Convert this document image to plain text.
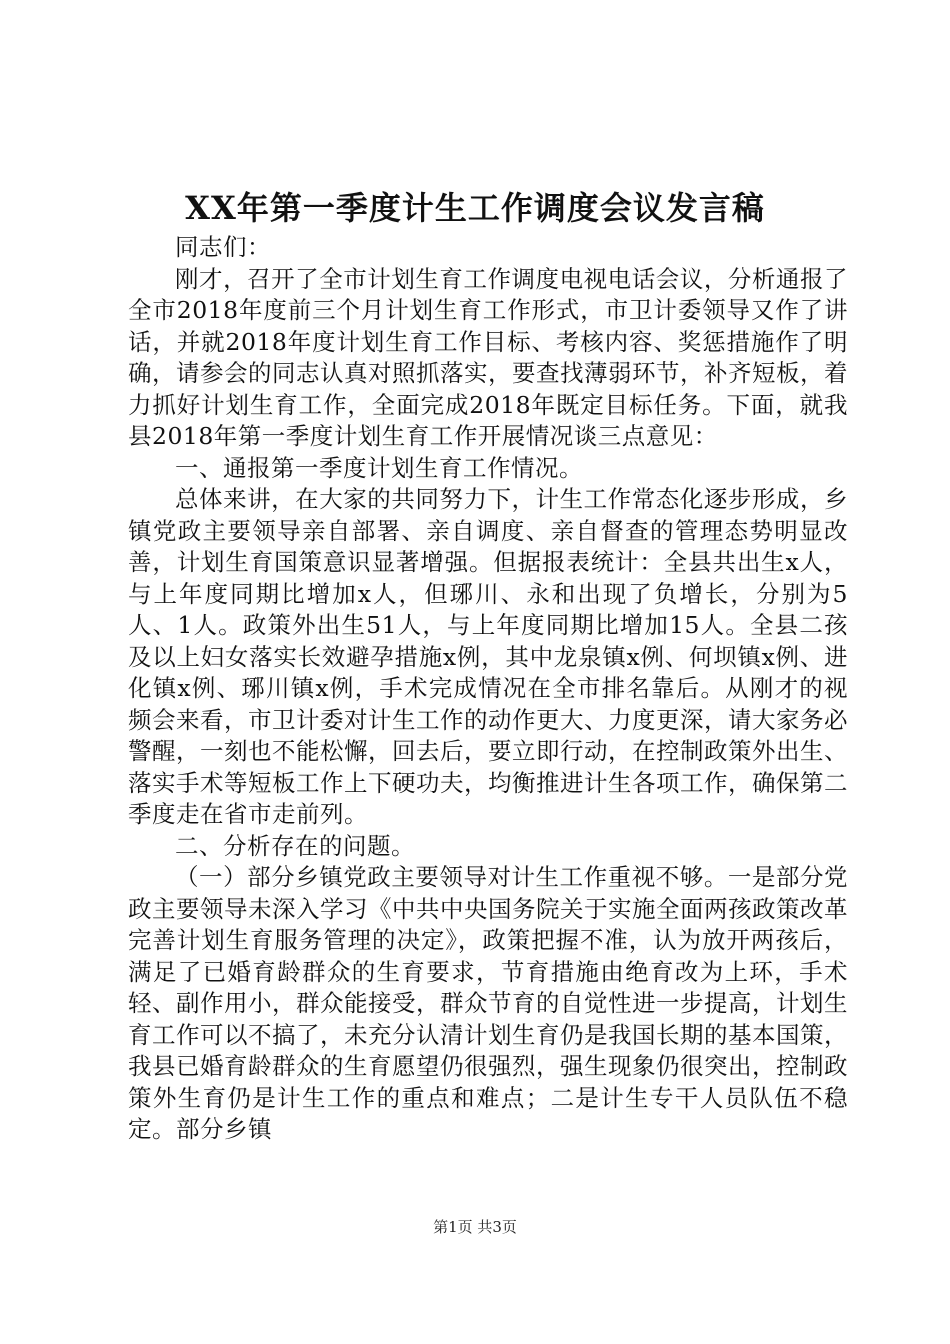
XX年第一季度计生工作调度会议发言稿

同志们：

刚才，召开了全市计划生育工作调度电视电话会议，分析通报了全市2018年度前三个月计划生育工作形式，市卫计委领导又作了讲话，并就2018年度计划生育工作目标、考核内容、奖惩措施作了明确，请参会的同志认真对照抓落实，要查找薄弱环节，补齐短板，着力抓好计划生育工作，全面完成2018年既定目标任务。下面，就我县2018年第一季度计划生育工作开展情况谈三点意见：

一、通报第一季度计划生育工作情况。

总体来讲，在大家的共同努力下，计生工作常态化逐步形成，乡镇党政主要领导亲自部署、亲自调度、亲自督查的管理态势明显改善，计划生育国策意识显著增强。但据报表统计：全县共出生x人，与上年度同期比增加x人，但琊川、永和出现了负增长，分别为5人、1人。政策外出生51人，与上年度同期比增加15人。全县二孩及以上妇女落实长效避孕措施x例，其中龙泉镇x例、何坝镇x例、进化镇x例、琊川镇x例，手术完成情况在全市排名靠后。从刚才的视频会来看，市卫计委对计生工作的动作更大、力度更深，请大家务必警醒，一刻也不能松懈，回去后，要立即行动，在控制政策外出生、落实手术等短板工作上下硬功夫，均衡推进计生各项工作，确保第二季度走在省市走前列。

二、分析存在的问题。

（一）部分乡镇党政主要领导对计生工作重视不够。一是部分党政主要领导未深入学习《中共中央国务院关于实施全面两孩政策改革完善计划生育服务管理的决定》，政策把握不准，认为放开两孩后，满足了已婚育龄群众的生育要求，节育措施由绝育改为上环，手术轻、副作用小，群众能接受，群众节育的自觉性进一步提高，计划生育工作可以不搞了，未充分认清计划生育仍是我国长期的基本国策，我县已婚育龄群众的生育愿望仍很强烈，强生现象仍很突出，控制政策外生育仍是计生工作的重点和难点；二是计生专干人员队伍不稳定。部分乡镇

第1页 共3页
